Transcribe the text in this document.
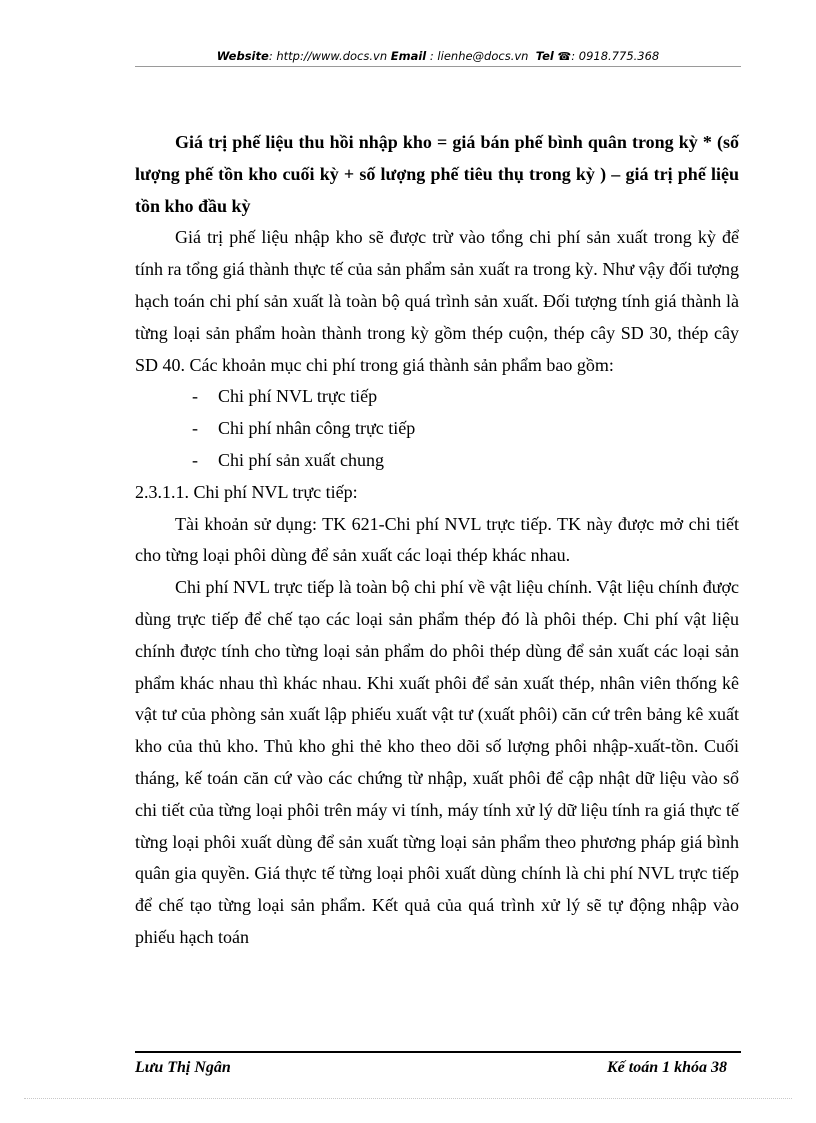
Website: http://www.docs.vn Email : lienhe@docs.vn Tel ☎: 0918.775.368

Giá trị phế liệu thu hồi nhập kho = giá bán phế bình quân trong kỳ * (số lượng phế tồn kho cuối kỳ + số lượng phế tiêu thụ trong kỳ ) – giá trị phế liệu tồn kho đầu kỳ

Giá trị phế liệu nhập kho sẽ được trừ vào tổng chi phí sản xuất trong kỳ để tính ra tổng giá thành thực tế của sản phẩm sản xuất ra trong kỳ. Như vậy đối tượng hạch toán chi phí sản xuất là toàn bộ quá trình sản xuất. Đối tượng tính giá thành là từng loại sản phẩm hoàn thành trong kỳ gồm thép cuộn, thép cây SD 30, thép cây SD 40. Các khoản mục chi phí trong giá thành sản phẩm bao gồm:

- Chi phí NVL trực tiếp
- Chi phí nhân công trực tiếp
- Chi phí sản xuất chung

2.3.1.1. Chi phí NVL trực tiếp:

Tài khoản sử dụng: TK 621-Chi phí NVL trực tiếp. TK này được mở chi tiết cho từng loại phôi dùng để sản xuất các loại thép khác nhau.

Chi phí NVL trực tiếp là toàn bộ chi phí về vật liệu chính. Vật liệu chính được dùng trực tiếp để chế tạo các loại sản phẩm thép đó là phôi thép. Chi phí vật liệu chính được tính cho từng loại sản phẩm do phôi thép dùng để sản xuất các loại sản phẩm khác nhau thì khác nhau. Khi xuất phôi để sản xuất thép, nhân viên thống kê vật tư của phòng sản xuất lập phiếu xuất vật tư (xuất phôi) căn cứ trên bảng kê xuất kho của thủ kho. Thủ kho ghi thẻ kho theo dõi số lượng phôi nhập-xuất-tồn. Cuối tháng, kế toán căn cứ vào các chứng từ nhập, xuất phôi để cập nhật dữ liệu vào sổ chi tiết của từng loại phôi trên máy vi tính, máy tính xử lý dữ liệu tính ra giá thực tế từng loại phôi xuất dùng để sản xuất từng loại sản phẩm theo phương pháp giá bình quân gia quyền. Giá thực tế từng loại phôi xuất dùng chính là chi phí NVL trực tiếp để chế tạo từng loại sản phẩm. Kết quả của quá trình xử lý sẽ tự động nhập vào phiếu hạch toán

Lưu Thị Ngân	Kế toán 1 khóa 38
